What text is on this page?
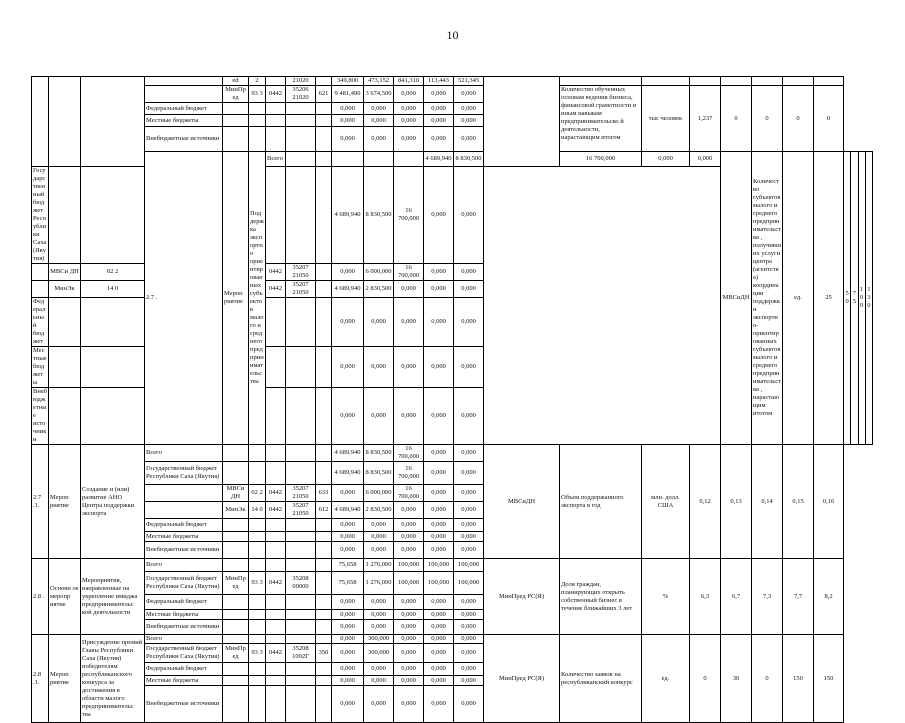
10
				ed	2		21020		349,800	473,152	841,310	113,443	521,345												
				МинПр ед	93 3	0442	35206 21020	621	9 481,490	3 674,500	0,000	0,000	0,000		Количество обученных основам ведения бизнеса, финансовой грамотности и иным навыкам предпринимательско й деятельности, нарастающим итогом	тыс человек	1,237	0	0	0	0				
			Федеральный бюджет						0,000	0,000	0,000	0,000	0,000												
			Местные бюджеты						0,000	0,000	0,000	0,000	0,000												
			Внебюджетные источники						0,000	0,000	0,000	0,000	0,000												
			2.7 .	Мероп риятие	Поддержка экспортно ориентированных субъектов малого и среднего предпринимательс тва	Всего						4 689,940	8 830,500		16 700,000	0,000	0,000	МВСиДН	Количество субъектов малого и среднего предпринимательства , получивших услуги центра (агентства) координации поддержки экспортно- ориентированных субъектов малого и среднего предпринимательства , нарастающим итогом	ед.	25	50	75	100	130
Государственный бюджет Республики Саха (Якутия)									4 689,940	8 830,500	16 700,000	0,000	0,000												
	МВСи ДН	02 2				0442	35207 21050		0,000	6 000,000	16 700,000	0,000	0,000												
	МинЭк	14 0				0442	35207 21050		4 689,940	2 830,500	0,000	0,000	0,000												
Федеральный бюджет									0,000	0,000	0,000	0,000	0,000												
Местные бюджеты									0,000	0,000	0,000	0,000	0,000												
Внебюджетные источники									0,000	0,000	0,000	0,000	0,000												
2.7 .1.	Мероп риятие	Создание и (или) развитие АНО Центра поддержки экспорта	Всего						4 689,940	8 830,500	16 700,000	0,000	0,000	МВСиДН	Объем поддержанного экспорта в год	млн. долл. США	0,12	0,13	0,14	0,15	0,16				
			Государственный бюджет Республики Саха (Якутия)						4 689,940	8 830,500	16 700,000	0,000	0,000												
				МВСи ДН	02 2	0442	35207 21050	633	0,000	6 000,000	16 700,000	0,000	0,000												
				МинЭк	14 0	0442	35207 21050	612	4 689,940	2 830,500	0,000	0,000	0,000												
			Федеральный бюджет						0,000	0,000	0,000	0,000	0,000												
			Местные бюджеты						0,000	0,000	0,000	0,000	0,000												
			Внебюджетные источники						0,000	0,000	0,000	0,000	0,000												
2.8 .	Основн ое меропр иятие	Мероприятия, направленные на укрепление имиджа предпринимательс кой деятельности	Всего						75,658	1 276,000	100,000	100,000	100,000	МинПред РС(Я)	Доля граждан, планирующих открыть собственный бизнес в течение ближайших 3 лет	%	6,3	6,7	7,3	7,7	8,2				
			Государственный бюджет Республики Саха (Якутия)	МинПр ед	93 3	0442	35208 00000		75,658	1 276,000	100,000	100,000	100,000												
			Федеральный бюджет						0,000	0,000	0,000	0,000	0,000												
			Местные бюджеты						0,000	0,000	0,000	0,000	0,000												
			Внебюджетные источники						0,000	0,000	0,000	0,000	0,000												
2.8 .1.	Мероп риятие	Присуждение премий Главы Республики Саха (Якутия) победителям республиканского конкурса за достижения в области малого предпринимательс тва	Всего						0,000	300,000	0,000	0,000	0,000	МинПред РС(Я)	Количество заявок на республиканский конкурс	ед.	0	30	0	150	150				
			Государственный бюджет Республики Саха (Якутия)	МинПр ед	93 3	0442	35208 1002Г	350	0,000	300,000	0,000	0,000	0,000												
			Федеральный бюджет						0,000	0,000	0,000	0,000	0,000												
			Местные бюджеты						0,000	0,000	0,000	0,000	0,000												
			Внебюджетные источники						0,000	0,000	0,000	0,000	0,000												
